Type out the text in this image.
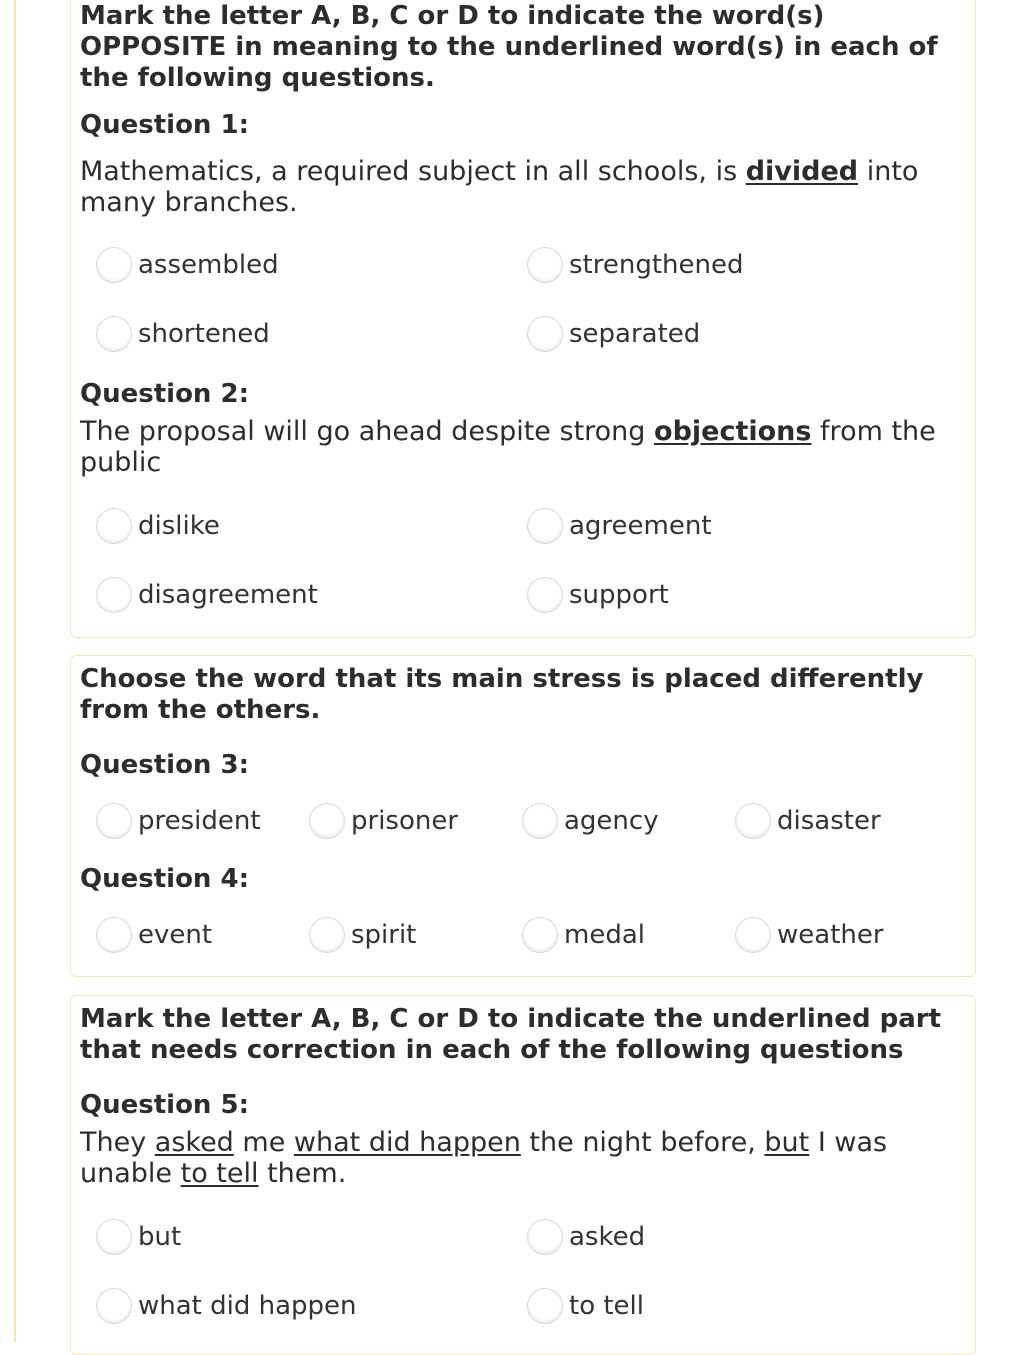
Mark the letter A, B, C or D to indicate the word(s) OPPOSITE in meaning to the underlined word(s) in each of the following questions.

Question 1:

Mathematics, a required subject in all schools, is divided into many branches.

assembled	strengthened
shortened	separated

Question 2:

The proposal will go ahead despite strong objections from the public

dislike	agreement
disagreement	support

Choose the word that its main stress is placed differently from the others.

Question 3:

president	prisoner	agency	disaster

Question 4:

event	spirit	medal	weather

Mark the letter A, B, C or D to indicate the underlined part that needs correction in each of the following questions

Question 5:

They asked me what did happen the night before, but I was unable to tell them.

but	asked
what did happen	to tell
